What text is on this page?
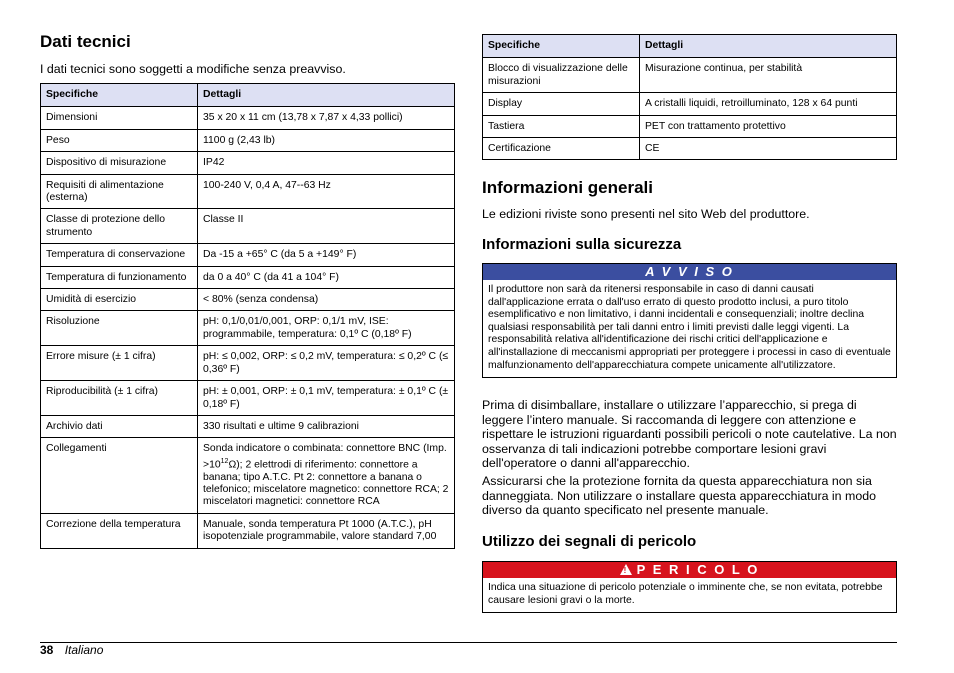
Dati tecnici

I dati tecnici sono soggetti a modifiche senza preavviso.

Specifiche	Dettagli
Dimensioni	35 x 20 x 11 cm (13,78 x 7,87 x 4,33 pollici)
Peso	1100 g (2,43 lb)
Dispositivo di misurazione	IP42
Requisiti di alimentazione (esterna)	100-240 V, 0,4 A, 47--63 Hz
Classe di protezione dello strumento	Classe II
Temperatura di conservazione	Da -15 a +65° C (da 5 a +149° F)
Temperatura di funzionamento	da 0 a 40° C (da 41 a 104° F)
Umidità di esercizio	< 80% (senza condensa)
Risoluzione	pH: 0,1/0,01/0,001, ORP: 0,1/1 mV, ISE: programmabile, temperatura: 0,1º C (0,18º F)
Errore misure (± 1 cifra)	pH: ≤ 0,002, ORP: ≤ 0,2 mV, temperatura: ≤ 0,2º C (≤ 0,36º F)
Riproducibilità (± 1 cifra)	pH: ± 0,001, ORP: ± 0,1 mV, temperatura: ± 0,1º C (± 0,18º F)
Archivio dati	330 risultati e ultime 9 calibrazioni
Collegamenti	Sonda indicatore o combinata: connettore BNC (Imp. $>10^{12}\Omega$); 2 elettrodi di riferimento: connettore a banana; tipo A.T.C. Pt 2: connettore a banana o telefonico; miscelatore magnetico: connettore RCA; 2 miscelatori magnetici: connettore RCA
Correzione della temperatura	Manuale, sonda temperatura Pt 1000 (A.T.C.), pH isopotenziale programmabile, valore standard 7,00
Specifiche	Dettagli
Blocco di visualizzazione delle misurazioni	Misurazione continua, per stabilità
Display	A cristalli liquidi, retroilluminato, 128 x 64 punti
Tastiera	PET con trattamento protettivo
Certificazione	CE
Informazioni generali

Le edizioni riviste sono presenti nel sito Web del produttore.

Informazioni sulla sicurezza
A V V I S O
Il produttore non sarà da ritenersi responsabile in caso di danni causati dall'applicazione errata o dall'uso errato di questo prodotto inclusi, a puro titolo esemplificativo e non limitativo, i danni incidentali e consequenziali; inoltre declina qualsiasi responsabilità per tali danni entro i limiti previsti dalle leggi vigenti. La responsabilità relativa all'identificazione dei rischi critici dell'applicazione e all'installazione di meccanismi appropriati per proteggere i processi in caso di eventuale malfunzionamento dell'apparecchiatura compete unicamente all'utilizzatore.

Prima di disimballare, installare o utilizzare l’apparecchio, si prega di leggere l’intero manuale. Si raccomanda di leggere con attenzione e rispettare le istruzioni riguardanti possibili pericoli o note cautelative. La non osservanza di tali indicazioni potrebbe comportare lesioni gravi dell'operatore o danni all'apparecchio.

Assicurarsi che la protezione fornita da questa apparecchiatura non sia danneggiata. Non utilizzare o installare questa apparecchiatura in modo diverso da quanto specificato nel presente manuale.

Utilizzo dei segnali di pericolo
!P E R I C O L O
Indica una situazione di pericolo potenziale o imminente che, se non evitata, potrebbe causare lesioni gravi o la morte.
38 Italiano
